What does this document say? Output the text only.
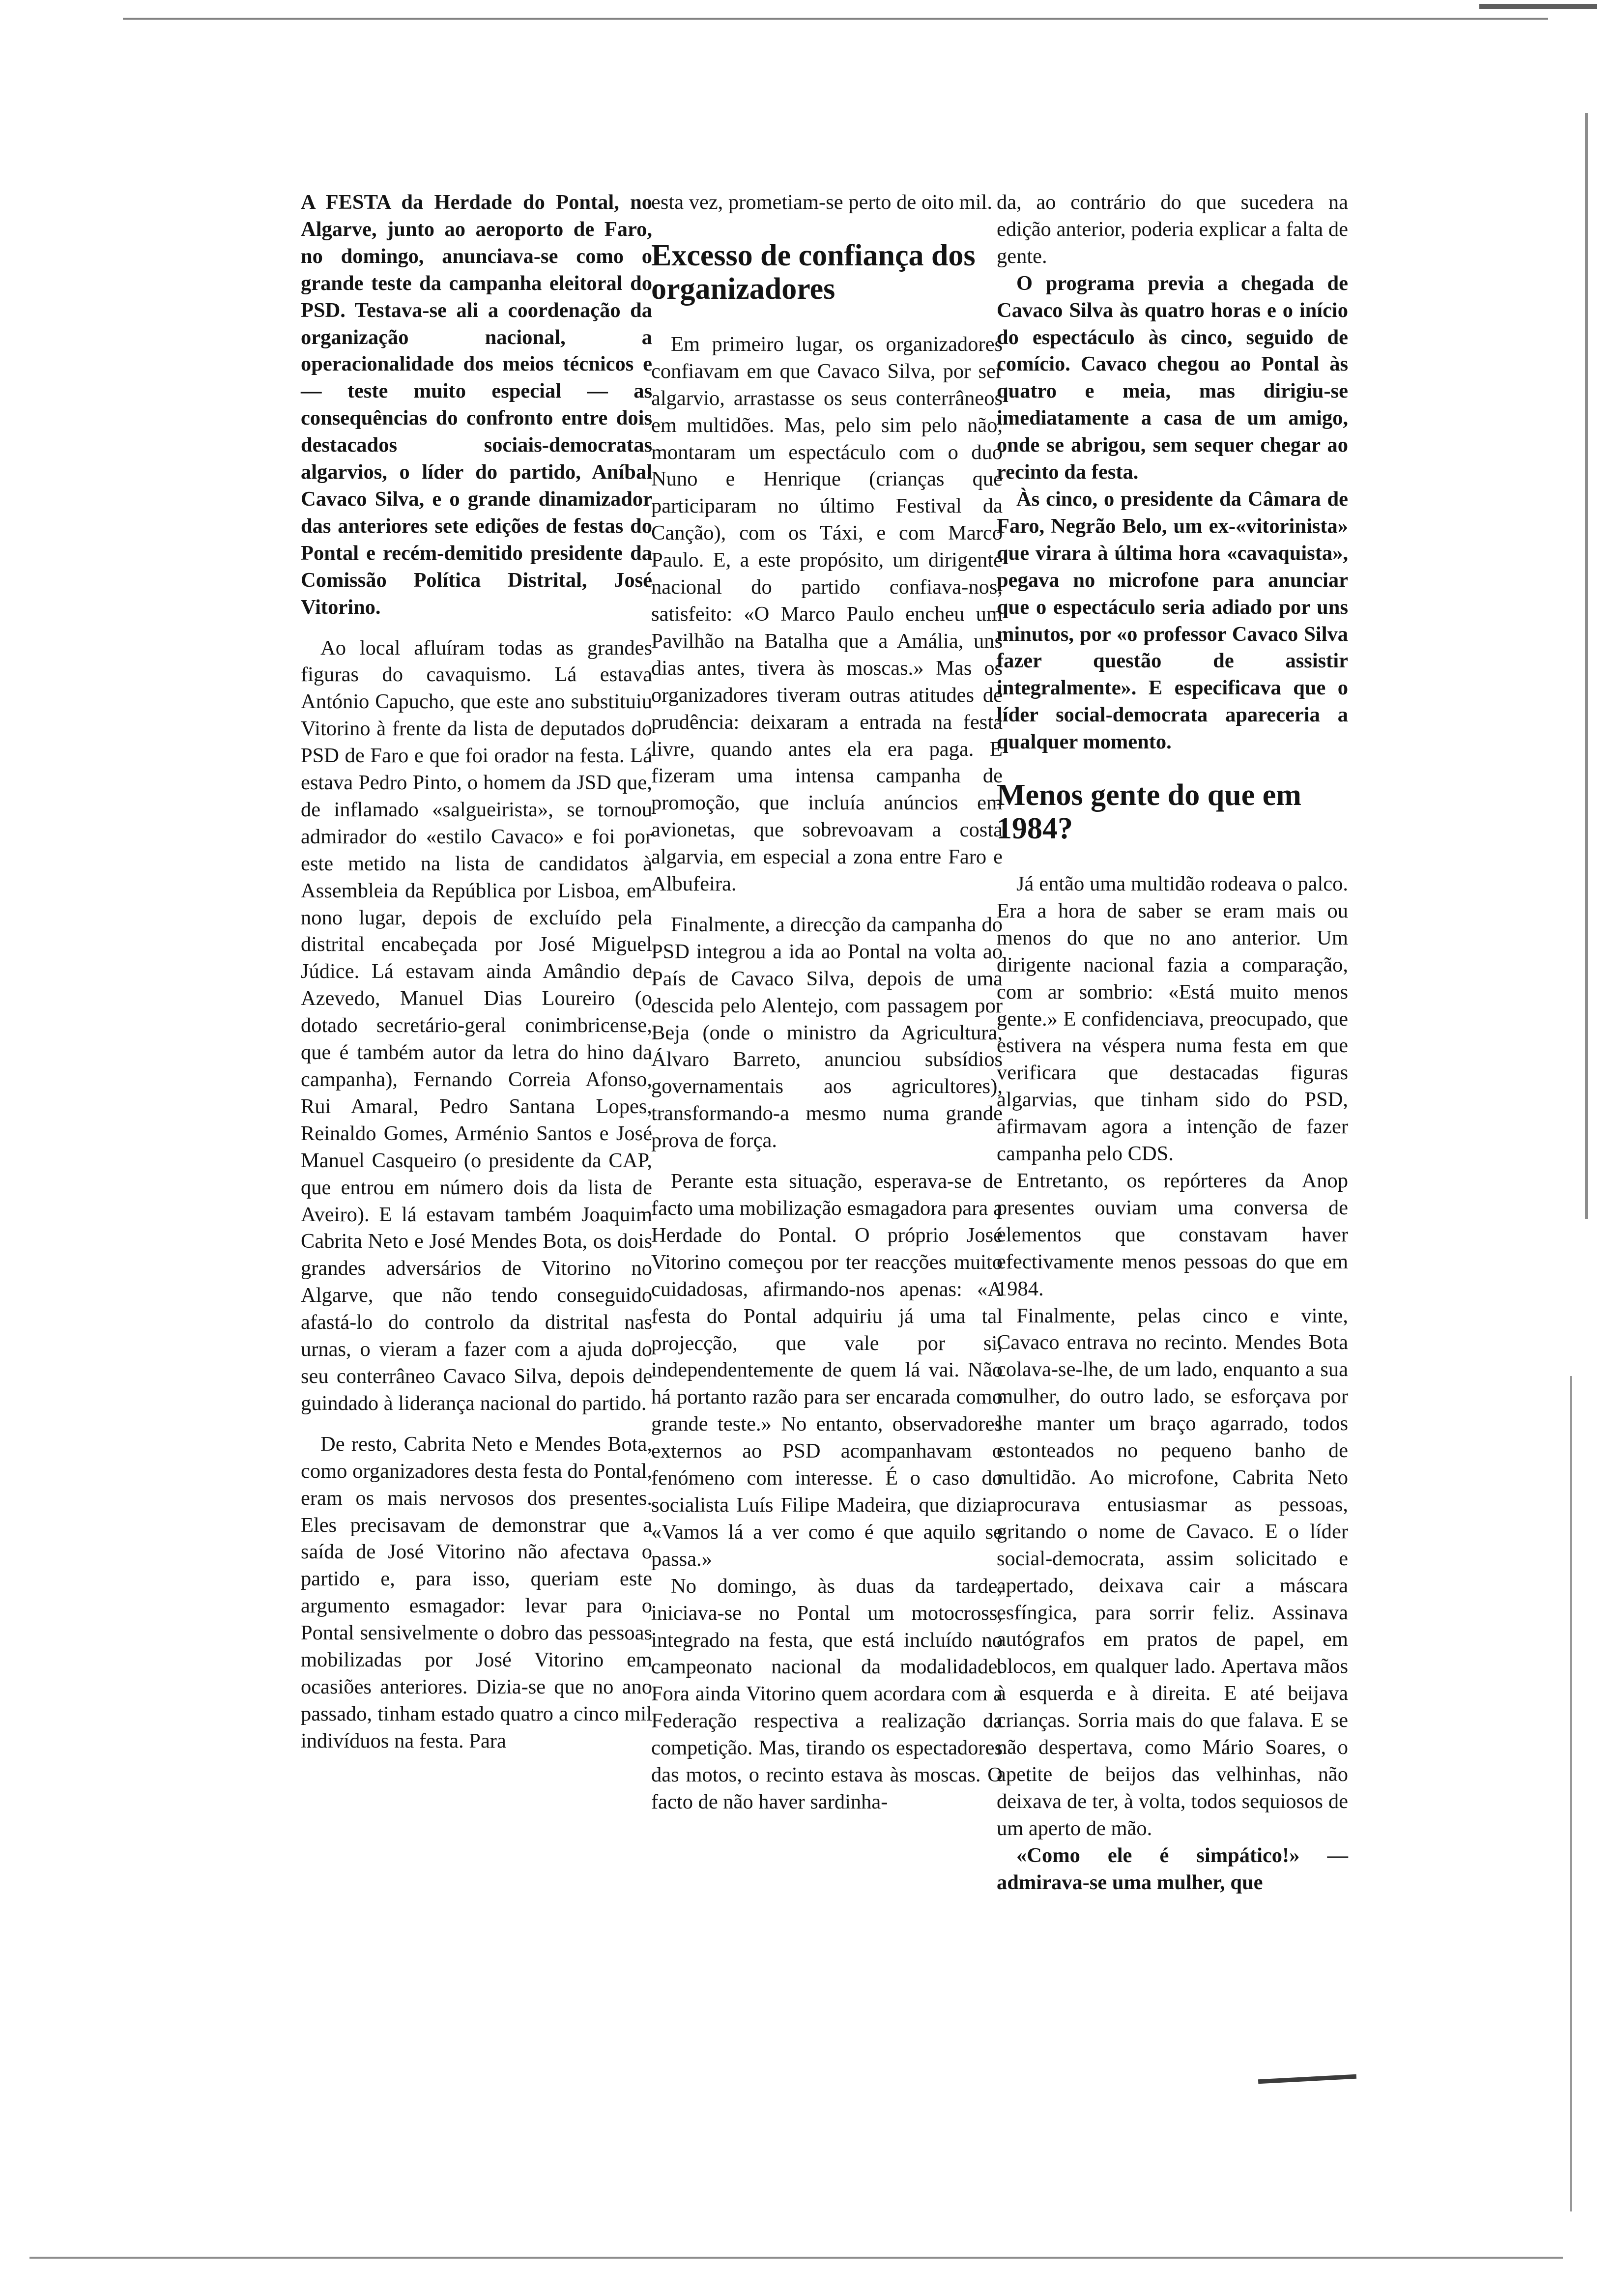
A FESTA da Herdade do Pontal, no Algarve, junto ao aeroporto de Faro, no domingo, anunciava-se como o grande teste da campanha eleitoral do PSD. Testava-se ali a coordenação da organização nacional, a operacionalidade dos meios técnicos e — teste muito especial — as consequências do confronto entre dois destacados sociais-democratas algarvios, o líder do partido, Aníbal Cavaco Silva, e o grande dinamizador das anteriores sete edições de festas do Pontal e recém-demitido presidente da Comissão Política Distrital, José Vitorino.

Ao local afluíram todas as grandes figuras do cavaquismo. Lá estava António Capucho, que este ano substituiu Vitorino à frente da lista de deputados do PSD de Faro e que foi orador na festa. Lá estava Pedro Pinto, o homem da JSD que, de inflamado «salgueirista», se tornou admirador do «estilo Cavaco» e foi por este metido na lista de candidatos à Assembleia da República por Lisboa, em nono lugar, depois de excluído pela distrital encabeçada por José Miguel Júdice. Lá estavam ainda Amândio de Azevedo, Manuel Dias Loureiro (o dotado secretário-geral conimbricense, que é também autor da letra do hino da campanha), Fernando Correia Afonso, Rui Amaral, Pedro Santana Lopes, Reinaldo Gomes, Arménio Santos e José Manuel Casqueiro (o presidente da CAP, que entrou em número dois da lista de Aveiro). E lá estavam também Joaquim Cabrita Neto e José Mendes Bota, os dois grandes adversários de Vitorino no Algarve, que não tendo conseguido afastá-lo do controlo da distrital nas urnas, o vieram a fazer com a ajuda do seu conterrâneo Cavaco Silva, depois de guindado à liderança nacional do partido.

De resto, Cabrita Neto e Mendes Bota, como organizadores desta festa do Pontal, eram os mais nervosos dos presentes. Eles precisavam de demonstrar que a saída de José Vitorino não afectava o partido e, para isso, queriam este argumento esmagador: levar para o Pontal sensivelmente o dobro das pessoas mobilizadas por José Vitorino em ocasiões anteriores. Dizia-se que no ano passado, tinham estado quatro a cinco mil indivíduos na festa. Para

esta vez, prometiam-se perto de oito mil.

Excesso de confiança dos organizadores

Em primeiro lugar, os organizadores confiavam em que Cavaco Silva, por ser algarvio, arrastasse os seus conterrâneos em multidões. Mas, pelo sim pelo não, montaram um espectáculo com o duo Nuno e Henrique (crianças que participaram no último Festival da Canção), com os Táxi, e com Marco Paulo. E, a este propósito, um dirigente nacional do partido confiava-nos, satisfeito: «O Marco Paulo encheu um Pavilhão na Batalha que a Amália, uns dias antes, tivera às moscas.» Mas os organizadores tiveram outras atitudes de prudência: deixaram a entrada na festa livre, quando antes ela era paga. E fizeram uma intensa campanha de promoção, que incluía anúncios em avionetas, que sobrevoavam a costa algarvia, em especial a zona entre Faro e Albufeira.

Finalmente, a direcção da campanha do PSD integrou a ida ao Pontal na volta ao País de Cavaco Silva, depois de uma descida pelo Alentejo, com passagem por Beja (onde o ministro da Agricultura, Álvaro Barreto, anunciou subsídios governamentais aos agricultores), transformando-a mesmo numa grande prova de força.

Perante esta situação, esperava-se de facto uma mobilização esmagadora para a Herdade do Pontal. O próprio José Vitorino começou por ter reacções muito cuidadosas, afirmando-nos apenas: «A festa do Pontal adquiriu já uma tal projecção, que vale por si, independentemente de quem lá vai. Não há portanto razão para ser encarada como grande teste.» No entanto, observadores externos ao PSD acompanhavam o fenómeno com interesse. É o caso do socialista Luís Filipe Madeira, que dizia: «Vamos lá a ver como é que aquilo se passa.»

No domingo, às duas da tarde, iniciava-se no Pontal um motocross, integrado na festa, que está incluído no campeonato nacional da modalidade. Fora ainda Vitorino quem acordara com a Federação respectiva a realização da competição. Mas, tirando os espectadores das motos, o recinto estava às moscas. O facto de não haver sardinha-

da, ao contrário do que sucedera na edição anterior, poderia explicar a falta de gente.

O programa previa a chegada de Cavaco Silva às quatro horas e o início do espectáculo às cinco, seguido de comício. Cavaco chegou ao Pontal às quatro e meia, mas dirigiu-se imediatamente a casa de um amigo, onde se abrigou, sem sequer chegar ao recinto da festa.

Às cinco, o presidente da Câmara de Faro, Negrão Belo, um ex-«vitorinista» que virara à última hora «cavaquista», pegava no microfone para anunciar que o espectáculo seria adiado por uns minutos, por «o professor Cavaco Silva fazer questão de assistir integralmente». E especificava que o líder social-democrata apareceria a qualquer momento.

Menos gente do que em 1984?

Já então uma multidão rodeava o palco. Era a hora de saber se eram mais ou menos do que no ano anterior. Um dirigente nacional fazia a comparação, com ar sombrio: «Está muito menos gente.» E confidenciava, preocupado, que estivera na véspera numa festa em que verificara que destacadas figuras algarvias, que tinham sido do PSD, afirmavam agora a intenção de fazer campanha pelo CDS.

Entretanto, os repórteres da Anop presentes ouviam uma conversa de elementos que constavam haver efectivamente menos pessoas do que em 1984.

Finalmente, pelas cinco e vinte, Cavaco entrava no recinto. Mendes Bota colava-se-lhe, de um lado, enquanto a sua mulher, do outro lado, se esforçava por lhe manter um braço agarrado, todos estonteados no pequeno banho de multidão. Ao microfone, Cabrita Neto procurava entusiasmar as pessoas, gritando o nome de Cavaco. E o líder social-democrata, assim solicitado e apertado, deixava cair a máscara esfíngica, para sorrir feliz. Assinava autógrafos em pratos de papel, em blocos, em qualquer lado. Apertava mãos à esquerda e à direita. E até beijava crianças. Sorria mais do que falava. E se não despertava, como Mário Soares, o apetite de beijos das velhinhas, não deixava de ter, à volta, todos sequiosos de um aperto de mão.

«Como ele é simpático!» — admirava-se uma mulher, que
